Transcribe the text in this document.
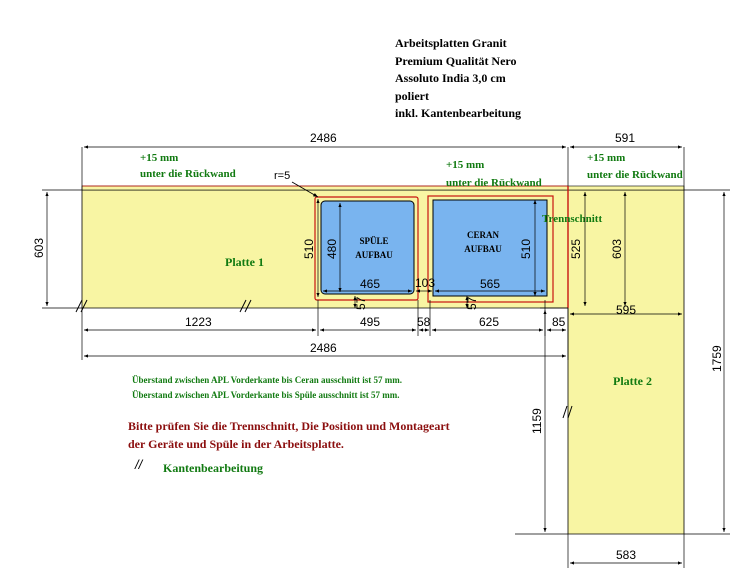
Arbeitsplatten Granit
Premium Qualität Nero
Assoluto India 3,0 cm
poliert
inkl. Kantenbearbeitung
SPÜLE
AUFBAU
CERAN
AUFBAU
Platte 1
Platte 2
+15 mm
unter die Rückwand
+15 mm
unter die Rückwand
+15 mm
unter die Rückwand
Trennschnitt
r=5
2486	591
603
1759
510 480	510	525 603
57	57
465	103	565
595
1223	495	58	625	85
2486
1159
583
Überstand zwischen APL Vorderkante bis Ceran ausschnitt ist 57 mm.
Überstand zwischen APL Vorderkante bis Spüle ausschnitt ist 57 mm.
Bitte prüfen Sie die Trennschnitt, Die Position und Montageart
der Geräte und Spüle in der Arbeitsplatte.
// Kantenbearbeitung
